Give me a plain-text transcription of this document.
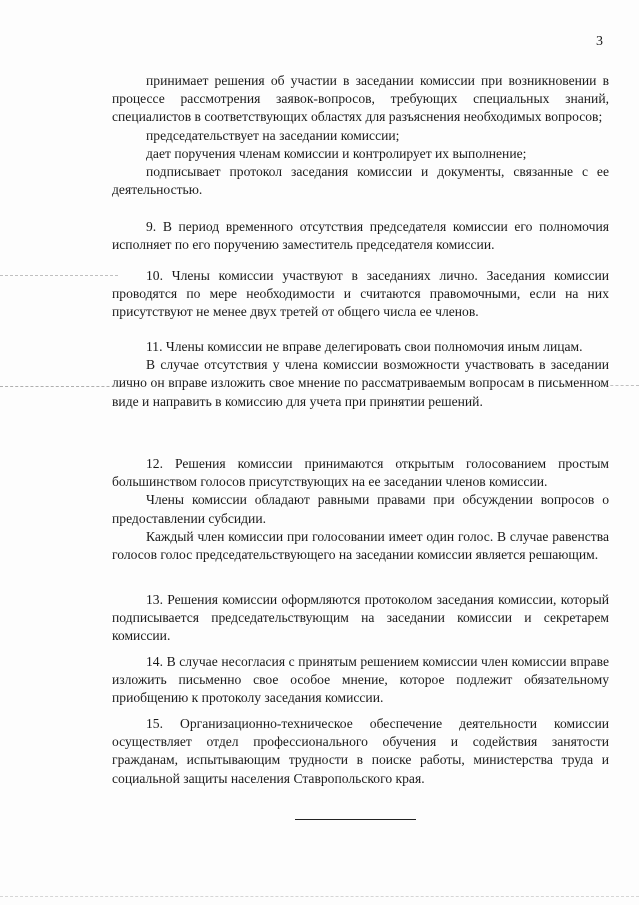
3

принимает решения об участии в заседании комиссии при возникновении в процессе рассмотрения заявок-вопросов, требующих специальных знаний, специалистов в соответствующих областях для разъяснения необходимых вопросов;

председательствует на заседании комиссии;

дает поручения членам комиссии и контролирует их выполнение;

подписывает протокол заседания комиссии и документы, связанные с ее деятельностью.

9. В период временного отсутствия председателя комиссии его полномочия исполняет по его поручению заместитель председателя комиссии.

10. Члены комиссии участвуют в заседаниях лично. Заседания комиссии проводятся по мере необходимости и считаются правомочными, если на них присутствуют не менее двух третей от общего числа ее членов.

11. Члены комиссии не вправе делегировать свои полномочия иным лицам.

В случае отсутствия у члена комиссии возможности участвовать в заседании лично он вправе изложить свое мнение по рассматриваемым вопросам в письменном виде и направить в комиссию для учета при принятии решений.

12. Решения комиссии принимаются открытым голосованием простым большинством голосов присутствующих на ее заседании членов комиссии.

Члены комиссии обладают равными правами при обсуждении вопросов о предоставлении субсидии.

Каждый член комиссии при голосовании имеет один голос. В случае равенства голосов голос председательствующего на заседании комиссии является решающим.

13. Решения комиссии оформляются протоколом заседания комиссии, который подписывается председательствующим на заседании комиссии и секретарем комиссии.

14. В случае несогласия с принятым решением комиссии член комиссии вправе изложить письменно свое особое мнение, которое подлежит обязательному приобщению к протоколу заседания комиссии.

15. Организационно-техническое обеспечение деятельности комиссии осуществляет отдел профессионального обучения и содействия занятости гражданам, испытывающим трудности в поиске работы, министерства труда и социальной защиты населения Ставропольского края.
